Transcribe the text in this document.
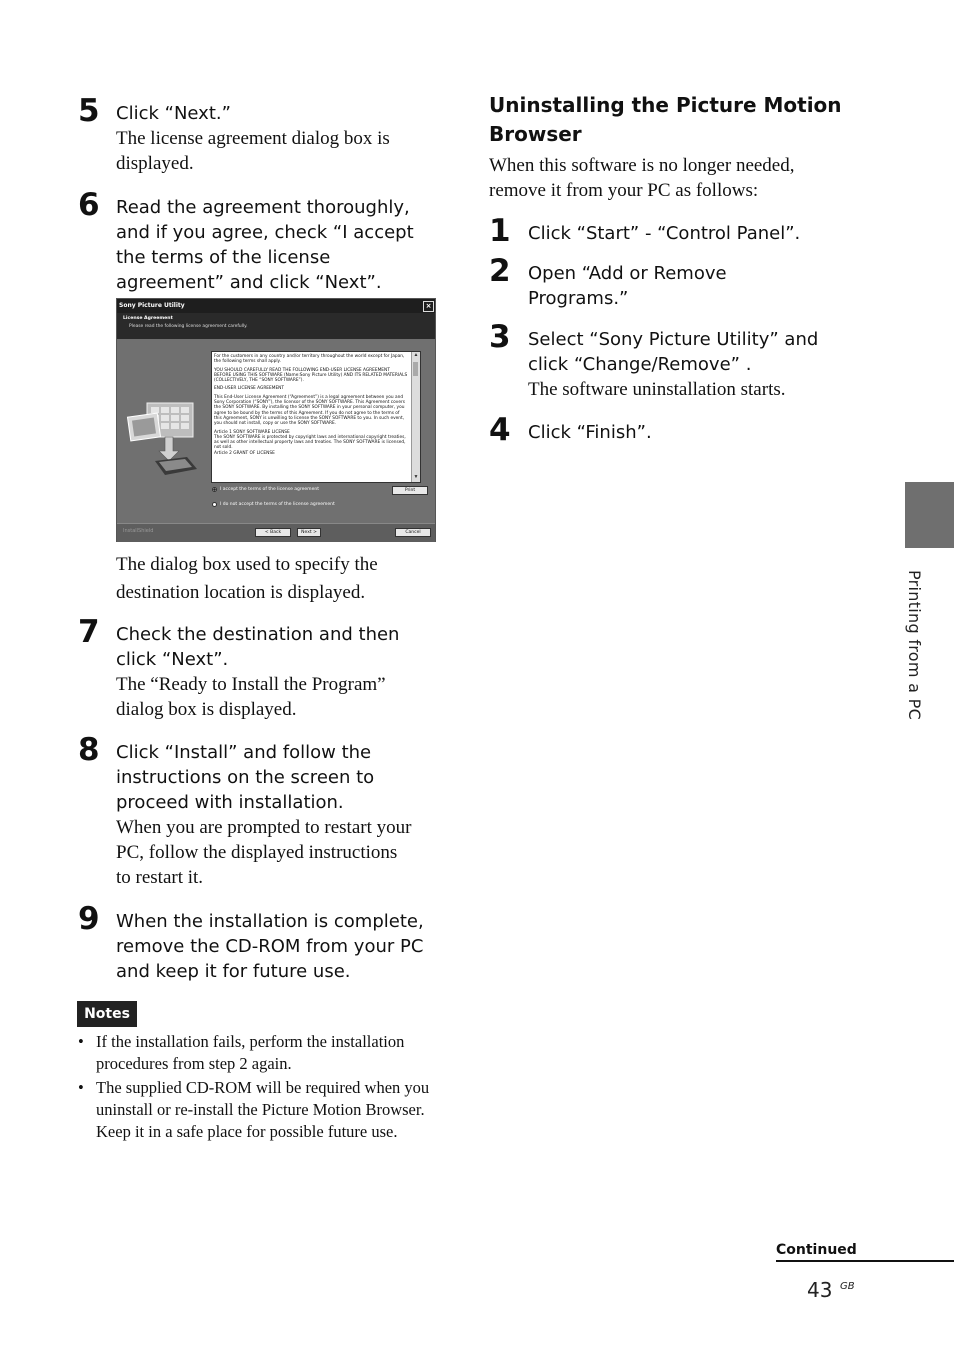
5 Click “Next.”
The license agreement dialog box is displayed.
6 Read the agreement thoroughly, and if you agree, check “I accept the terms of the license agreement” and click “Next”.
Sony Picture Utility	×
License Agreement
Please read the following license agreement carefully.

For the customers in any country and/or territory throughout the world except for Japan, the following terms shall apply.

YOU SHOULD CAREFULLY READ THE FOLLOWING END-USER LICENSE AGREEMENT BEFORE USING THIS SOFTWARE (Name:Sony Picture Utility) AND ITS RELATED MATERIALS (COLLECTIVELY, THE “SONY SOFTWARE”).

END-USER LICENSE AGREEMENT

This End-User License Agreement (“Agreement”) is a legal agreement between you and Sony Corporation (“SONY”), the licensor of the SONY SOFTWARE. This Agreement covers the SONY SOFTWARE. By installing the SONY SOFTWARE in your personal computer, you agree to be bound by the terms of this Agreement. If you do not agree to the terms of this Agreement, SONY is unwilling to license the SONY SOFTWARE to you. In such event, you should not install, copy or use the SONY SOFTWARE.

Article 1 SONY SOFTWARE LICENSE

The SONY SOFTWARE is protected by copyright laws and international copyright treaties, as well as other intellectual property laws and treaties. The SONY SOFTWARE is licensed, not sold.

Article 2 GRANT OF LICENSE

▲
▼
I accept the terms of the license agreement
I do not accept the terms of the license agreement
Print
InstallShield	< Back	Next >	Cancel
The dialog box used to specify the destination location is displayed.
7 Check the destination and then click “Next”.
The “Ready to Install the Program” dialog box is displayed.
8 Click “Install” and follow the instructions on the screen to proceed with installation.
When you are prompted to restart your PC, follow the displayed instructions to restart it.
9 When the installation is complete, remove the CD-ROM from your PC and keep it for future use.
Notes
• If the installation fails, perform the installation procedures from step 2 again.
• The supplied CD-ROM will be required when you uninstall or re-install the Picture Motion Browser. Keep it in a safe place for possible future use.
Uninstalling the Picture Motion Browser
When this software is no longer needed, remove it from your PC as follows:
1 Click “Start” - “Control Panel”.
2 Open “Add or Remove Programs.”
3 Select “Sony Picture Utility” and click “Change/Remove” .
The software uninstallation starts.
4 Click “Finish”.
Printing from a PC
Continued
43 GB
